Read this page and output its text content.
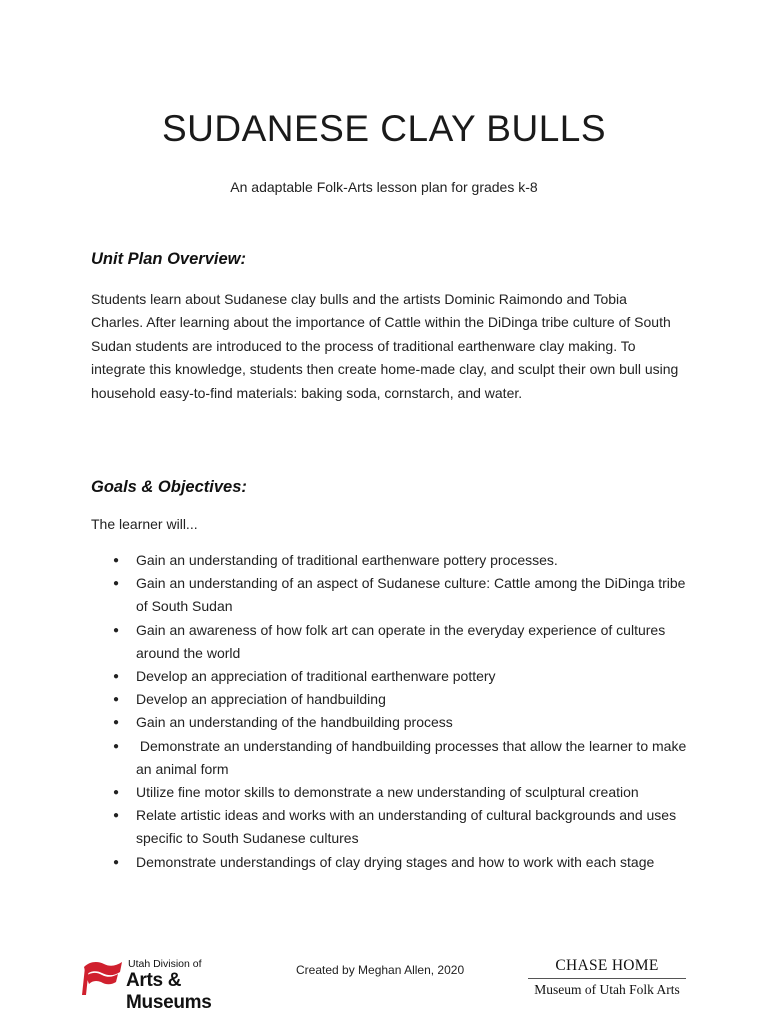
SUDANESE CLAY BULLS
An adaptable Folk-Arts lesson plan for grades k-8
Unit Plan Overview:

Students learn about Sudanese clay bulls and the artists Dominic Raimondo and Tobia Charles. After learning about the importance of Cattle within the DiDinga tribe culture of South Sudan students are introduced to the process of traditional earthenware clay making. To integrate this knowledge, students then create home-made clay, and sculpt their own bull using household easy-to-find materials: baking soda, cornstarch, and water.

Goals & Objectives:
The learner will...
● Gain an understanding of traditional earthenware pottery processes.
● Gain an understanding of an aspect of Sudanese culture: Cattle among the DiDinga tribe of South Sudan
● Gain an awareness of how folk art can operate in the everyday experience of cultures around the world
● Develop an appreciation of traditional earthenware pottery
● Develop an appreciation of handbuilding
● Gain an understanding of the handbuilding process
● Demonstrate an understanding of handbuilding processes that allow the learner to make an animal form
● Utilize fine motor skills to demonstrate a new understanding of sculptural creation
● Relate artistic ideas and works with an understanding of cultural backgrounds and uses specific to South Sudanese cultures
● Demonstrate understandings of clay drying stages and how to work with each stage
Utah Division of
Arts & Museums
Created by Meghan Allen, 2020	CHASE HOME
Museum of Utah Folk Arts
